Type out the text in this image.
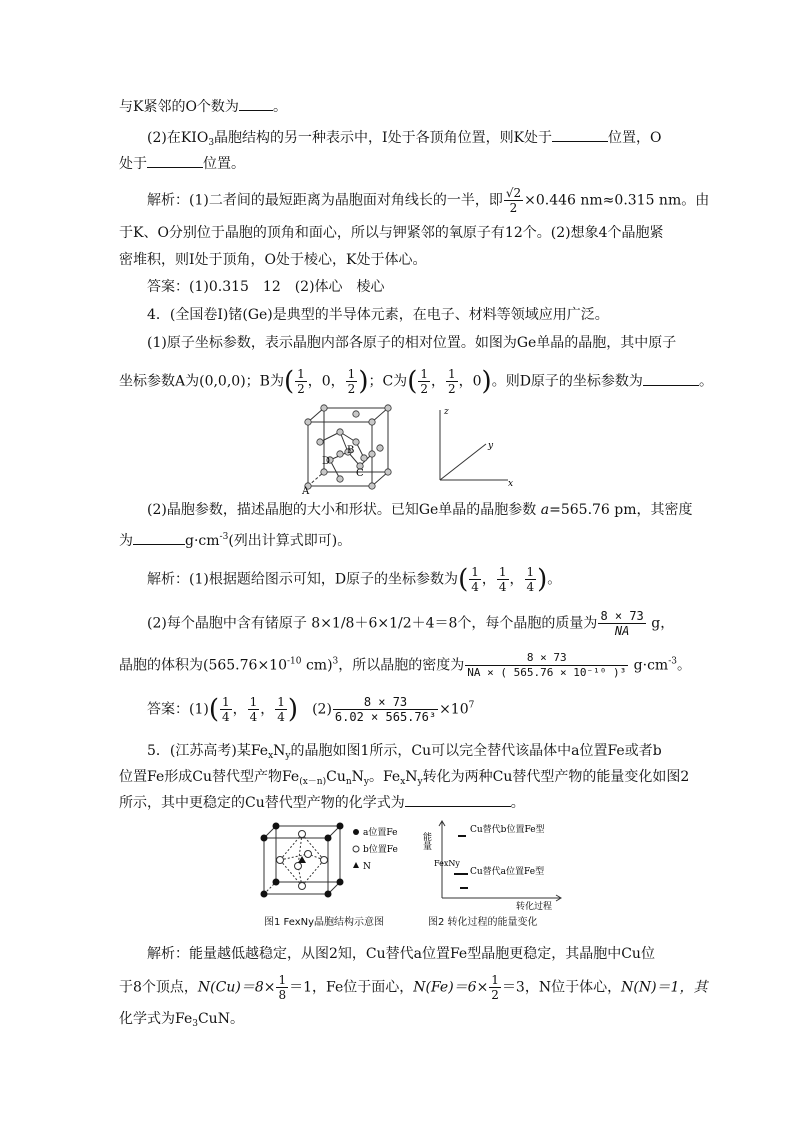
与K紧邻的O个数为 。
(2)在$KIO_3$晶胞结构的另一种表示中，I处于各顶角位置，则K处于	位置，O
处于	位置。
解析：(1)二者间的最短距离为晶胞面对角线长的一半，即 $\frac{√2}{2} \times 0.446$ nm≈0.315 nm。由
于K、O分别位于晶胞的顶角和面心，所以与钾紧邻的氧原子有12个。(2)想象4个晶胞紧
密堆积，则I处于顶角，O处于棱心，K处于体心。
答案：(1)0.315　12　(2)体心　棱心
4．(全国卷Ⅰ)锗(Ge)是典型的半导体元素，在电子、材料等领域应用广泛。
(1)原子坐标参数，表示晶胞内部各原子的相对位置。如图为Ge单晶的晶胞，其中原子
坐标参数A为(0,0,0)；B为( $\frac{1}{2}$ ，0， $\frac{1}{2}$ )；C为( $\frac{1}{2}$ ， $\frac{1}{2}$ ，0)。则D原子的坐标参数为	。
B
D
C
A
z
y
x
(2)晶胞参数，描述晶胞的大小和形状。已知Ge单晶的晶胞参数 a=565.76 pm，其密度
为	$g\cdot cm^{-3}$(列出计算式即可)。
解析：(1)根据题给图示可知，D原子的坐标参数为( $\frac{1}{4}$ ， $\frac{1}{4}$ ， $\frac{1}{4}$ )。
(2)每个晶胞中含有锗原子 8×1/8＋6×1/2＋4＝8个，每个晶胞的质量为 $\frac{8 \times 73}{NA}$ g，
晶胞的体积为($565.76\times 10^{-10}$ cm)$^3$，所以晶胞的密度为 $\frac{8 \times 73}{\text{NA × ( 565.76 × 10⁻¹⁰ )³}} g\cdot cm^{-3}$。
答案：$(1)( \frac{1}{4}$ ， $\frac{1}{4}$ ， $\frac{1}{4}$ )　 $(2) \frac{8 \times 73}{\text{6.02 × 565.76³}} \times 10^7$
5．(江苏高考)某$Fe_xN_y$的晶胞如图1所示，Cu可以完全替代该晶体中a位置Fe或者b
位置Fe形成Cu替代型产物$Fe_{(x-n)}Cu_nN_y$。$Fe_xN_y$转化为两种Cu替代型产物的能量变化如图2
所示，其中更稳定的Cu替代型产物的化学式为	。
a位置Fe
b位置Fe
N
能量
FexNy
Cu替代b位置Fe型
Cu替代a位置Fe型
转化过程
图1 FexNy晶胞结构示意图	图2 转化过程的能量变化
解析：能量越低越稳定，从图2知，Cu替代a位置Fe型晶胞更稳定，其晶胞中Cu位
于8个顶点，$N(Cu)=8\times \frac{1}{8} =1$，Fe位于面心，$N(Fe)=6\times \frac{1}{2} =3$，N位于体心，N(N)＝1，其
化学式为$Fe_3CuN$。
